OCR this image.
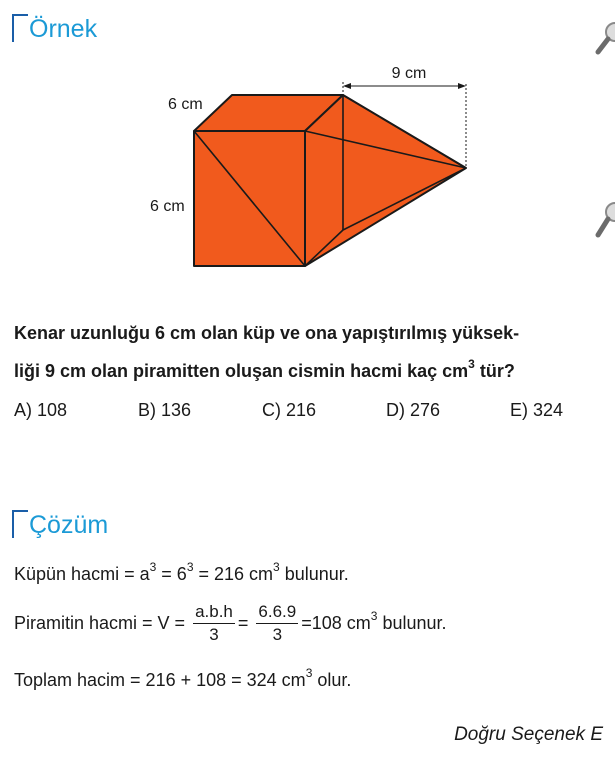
Örnek
9 cm
6 cm
6 cm
Kenar uzunluğu 6 cm olan küp ve ona yapıştırılmış yüksek-
liği 9 cm olan piramitten oluşan cismin hacmi kaç $cm^3$ tür?
A) 108	B) 136	C) 216	D) 276	E) 324
Çözüm
Küpün hacmi = $a^3 = 6^3 = 216$ $cm^3$ bulunur.
Piramitin hacmi = $V = \frac{a.b.h}{3} = \frac{6.6.9}{3} =108$ $cm^3$ bulunur.
Toplam hacim = 216 + 108 = 324 $cm^3$ olur.
Doğru Seçenek E
